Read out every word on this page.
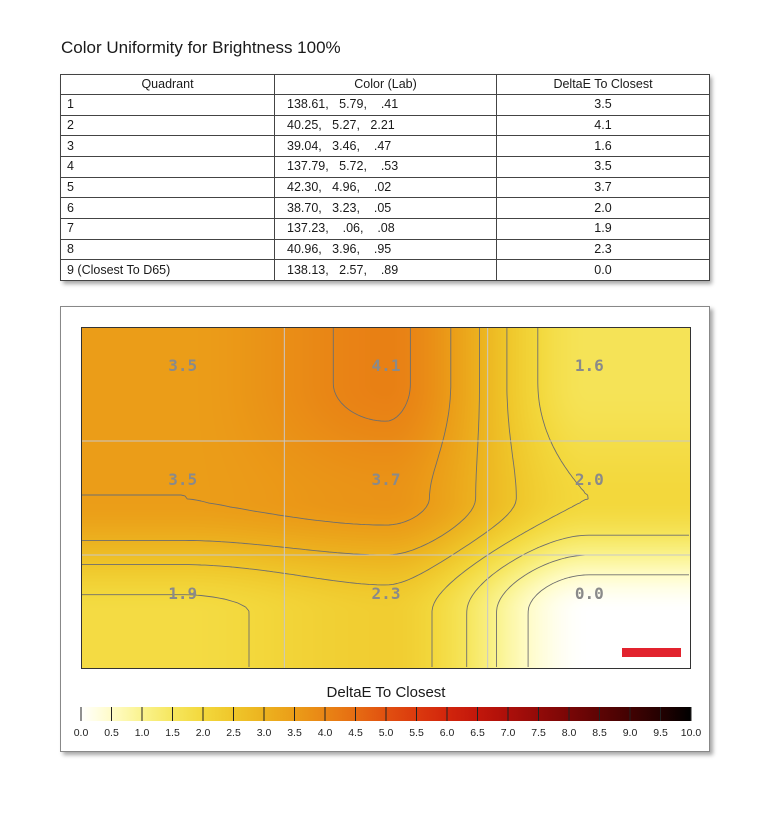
Color Uniformity for Brightness 100%
Quadrant	Color (Lab)	DeltaE To Closest
1	138.61,   5.79,    .41	3.5
2	40.25,   5.27,   2.21	4.1
3	39.04,   3.46,    .47	1.6
4	137.79,   5.72,    .53	3.5
5	42.30,   4.96,    .02	3.7
6	38.70,   3.23,    .05	2.0
7	137.23,    .06,    .08	1.9
8	40.96,   3.96,    .95	2.3
9 (Closest To D65)	138.13,   2.57,    .89	0.0
3.5	4.1	1.6
3.5	3.7	2.0
1.9	2.3	0.0
DeltaE To Closest
0.0 0.5 1.0 1.5 2.0 2.5 3.0 3.5 4.0 4.5 5.0 5.5 6.0 6.5 7.0 7.5 8.0 8.5 9.0 9.5 10.0
